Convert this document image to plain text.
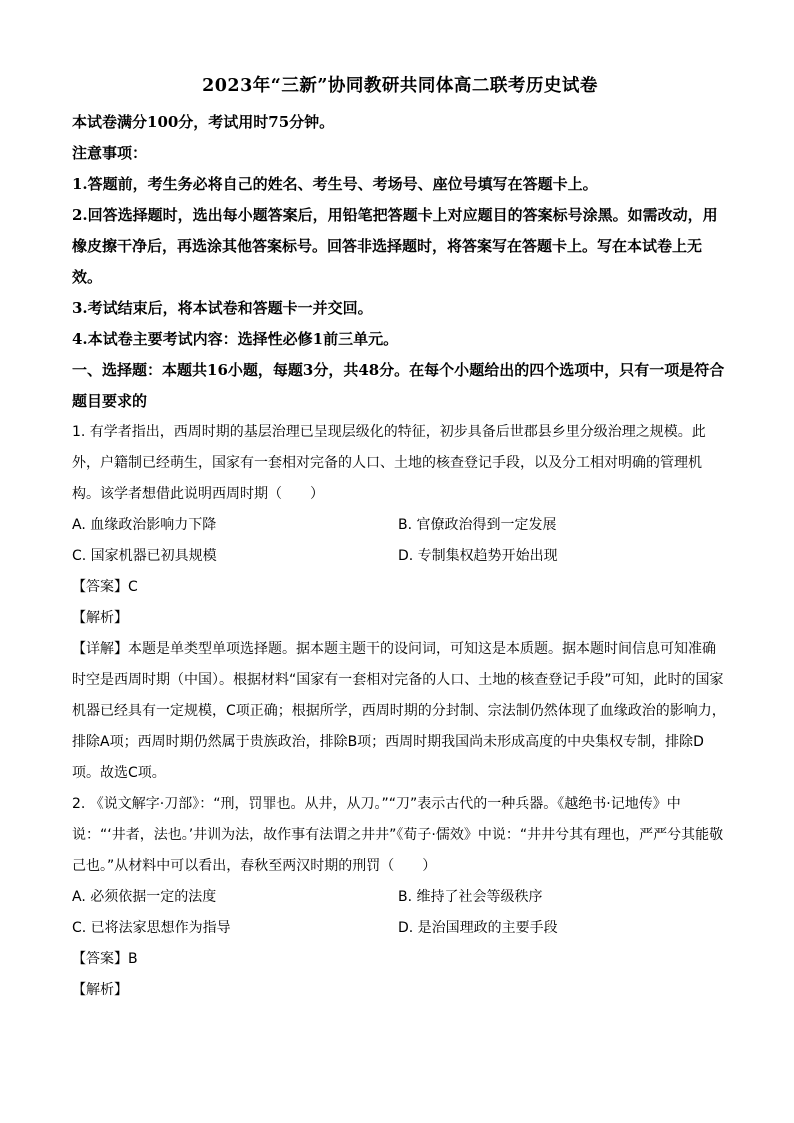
2023年“三新”协同教研共同体高二联考历史试卷

本试卷满分100分，考试用时75分钟。

注意事项：

1.答题前，考生务必将自己的姓名、考生号、考场号、座位号填写在答题卡上。

2.回答选择题时，选出每小题答案后，用铅笔把答题卡上对应题目的答案标号涂黑。如需改动，用橡皮擦干净后，再选涂其他答案标号。回答非选择题时，将答案写在答题卡上。写在本试卷上无效。

3.考试结束后，将本试卷和答题卡一并交回。

4.本试卷主要考试内容：选择性必修1前三单元。

一、选择题：本题共16小题，每题3分，共48分。在每个小题给出的四个选项中，只有一项是符合题目要求的

1. 有学者指出，西周时期的基层治理已呈现层级化的特征，初步具备后世郡县乡里分级治理之规模。此外，户籍制已经萌生，国家有一套相对完备的人口、土地的核查登记手段，以及分工相对明确的管理机构。该学者想借此说明西周时期（　　）

A. 血缘政治影响力下降	B. 官僚政治得到一定发展
C. 国家机器已初具规模	D. 专制集权趋势开始出现

【答案】C

【解析】

【详解】本题是单类型单项选择题。据本题主题干的设问词，可知这是本质题。据本题时间信息可知准确时空是西周时期（中国）。根据材料“国家有一套相对完备的人口、土地的核查登记手段”可知，此时的国家机器已经具有一定规模，C项正确；根据所学，西周时期的分封制、宗法制仍然体现了血缘政治的影响力，排除A项；西周时期仍然属于贵族政治，排除B项；西周时期我国尚未形成高度的中央集权专制，排除D项。故选C项。

2. 《说文解字·刀部》：“刑，罚罪也。从井，从刀。”“刀”表示古代的一种兵器。《越绝书·记地传》中说：“‘井者，法也。’井训为法，故作事有法谓之井井”《荀子·儒效》中说：“井井兮其有理也，严严兮其能敬己也。”从材料中可以看出，春秋至两汉时期的刑罚（　　）

A. 必须依据一定的法度	B. 维持了社会等级秩序
C. 已将法家思想作为指导	D. 是治国理政的主要手段

【答案】B

【解析】
